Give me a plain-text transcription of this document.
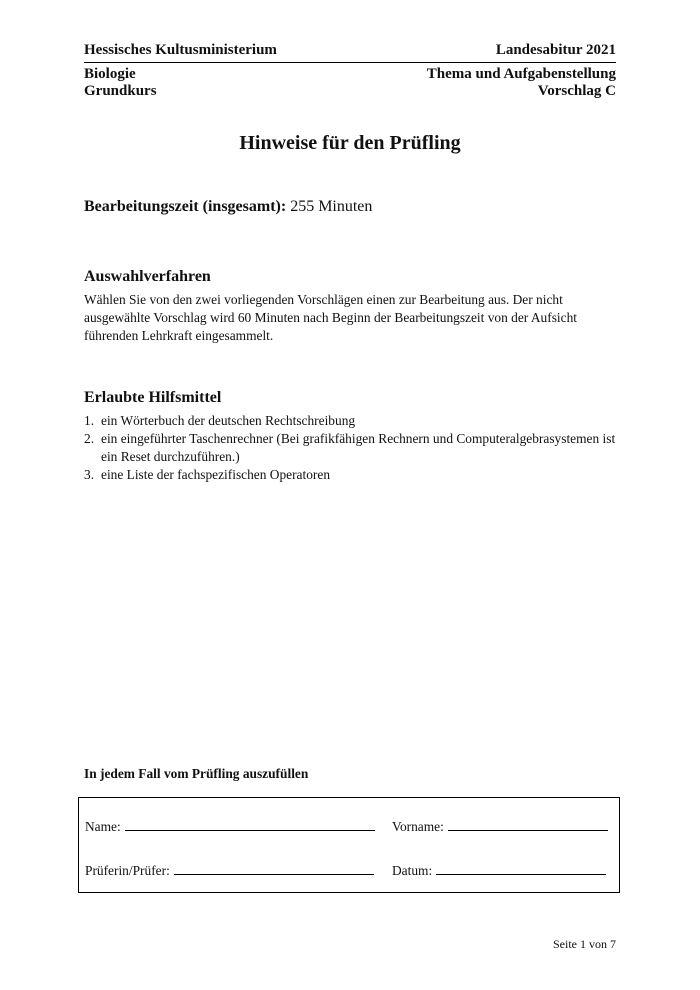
Hessisches Kultusministerium	Landesabitur 2021
Biologie
Grundkurs
Thema und Aufgabenstellung
Vorschlag C
Hinweise für den Prüfling
Bearbeitungszeit (insgesamt): 255 Minuten
Auswahlverfahren
Wählen Sie von den zwei vorliegenden Vorschlägen einen zur Bearbeitung aus. Der nicht ausgewählte Vorschlag wird 60 Minuten nach Beginn der Bearbeitungszeit von der Aufsicht führenden Lehrkraft eingesammelt.
Erlaubte Hilfsmittel
1. ein Wörterbuch der deutschen Rechtschreibung
2. ein eingeführter Taschenrechner (Bei grafikfähigen Rechnern und Computeralgebrasystemen ist ein Reset durchzuführen.)
3. eine Liste der fachspezifischen Operatoren
In jedem Fall vom Prüfling auszufüllen
Name:	Vorname:
Prüferin/Prüfer:	Datum:
Seite 1 von 7
